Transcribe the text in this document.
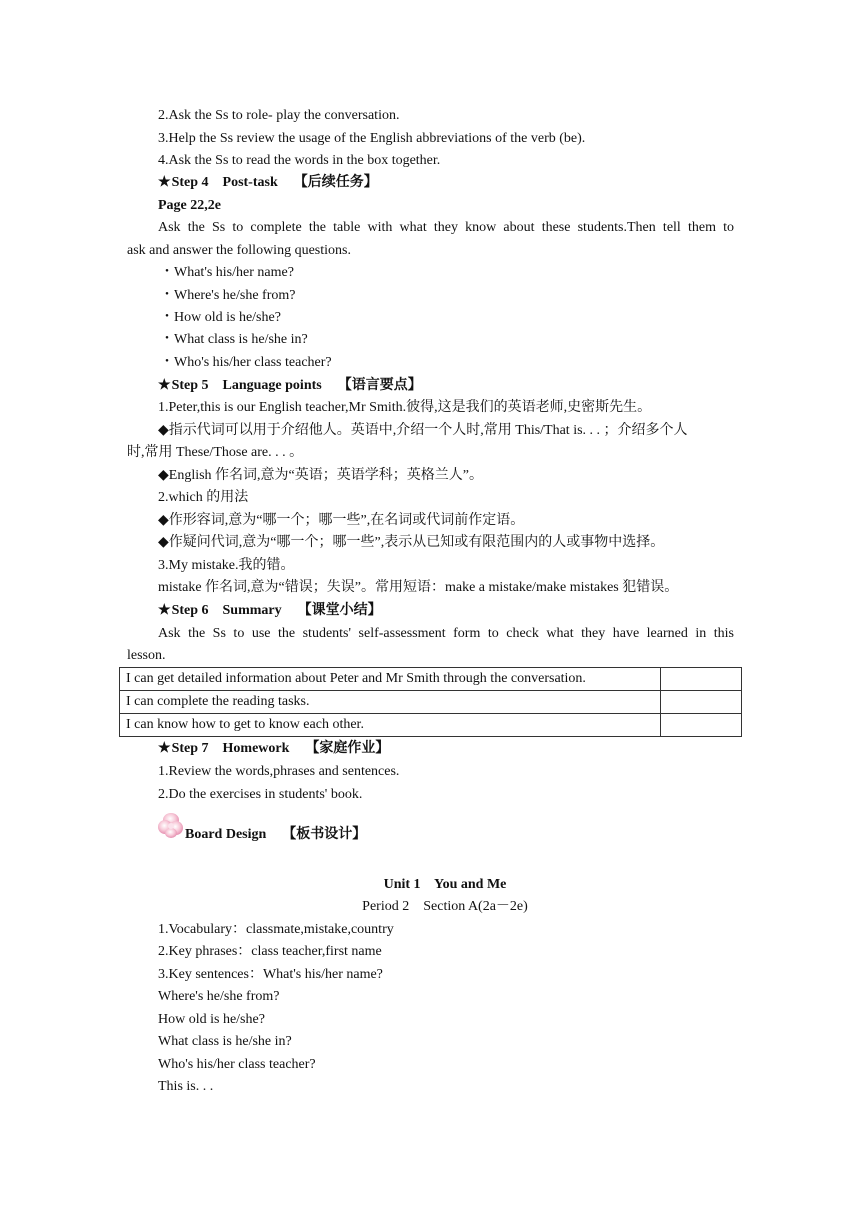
2.Ask the Ss to role- play the conversation.
3.Help the Ss review the usage of the English abbreviations of the verb (be).
4.Ask the Ss to read the words in the box together.
★Step 4 Post-task 【后续任务】
Page 22,2e
Ask the Ss to complete the table with what they know about these students.Then tell them to
ask and answer the following questions.
・What's his/her name?
・Where's he/she from?
・How old is he/she?
・What class is he/she in?
・Who's his/her class teacher?
★Step 5 Language points 【语言要点】
1.Peter,this is our English teacher,Mr Smith.彼得,这是我们的英语老师,史密斯先生。
◆指示代词可以用于介绍他人。英语中,介绍一个人时,常用 This/That is. . . ；介绍多个人
时,常用 These/Those are. . . 。
◆English 作名词,意为“英语；英语学科；英格兰人”。
2.which 的用法
◆作形容词,意为“哪一个；哪一些”,在名词或代词前作定语。
◆作疑问代词,意为“哪一个；哪一些”,表示从已知或有限范围内的人或事物中选择。
3.My mistake.我的错。
mistake 作名词,意为“错误；失误”。常用短语：make a mistake/make mistakes 犯错误。
★Step 6 Summary 【课堂小结】
Ask the Ss to use the students' self-assessment form to check what they have learned in this
lesson.
I can get detailed information about Peter and Mr Smith through the conversation.	
I can complete the reading tasks.	
I can know how to get to know each other.	
★Step 7 Homework 【家庭作业】
1.Review the words,phrases and sentences.
2.Do the exercises in students' book.
Board Design 【板书设计】
Unit 1    You and Me
Period 2    Section A(2a－2e)
1.Vocabulary：classmate,mistake,country
2.Key phrases：class teacher,first name
3.Key sentences：What's his/her name?
Where's he/she from?
How old is he/she?
What class is he/she in?
Who's his/her class teacher?
This is. . .
